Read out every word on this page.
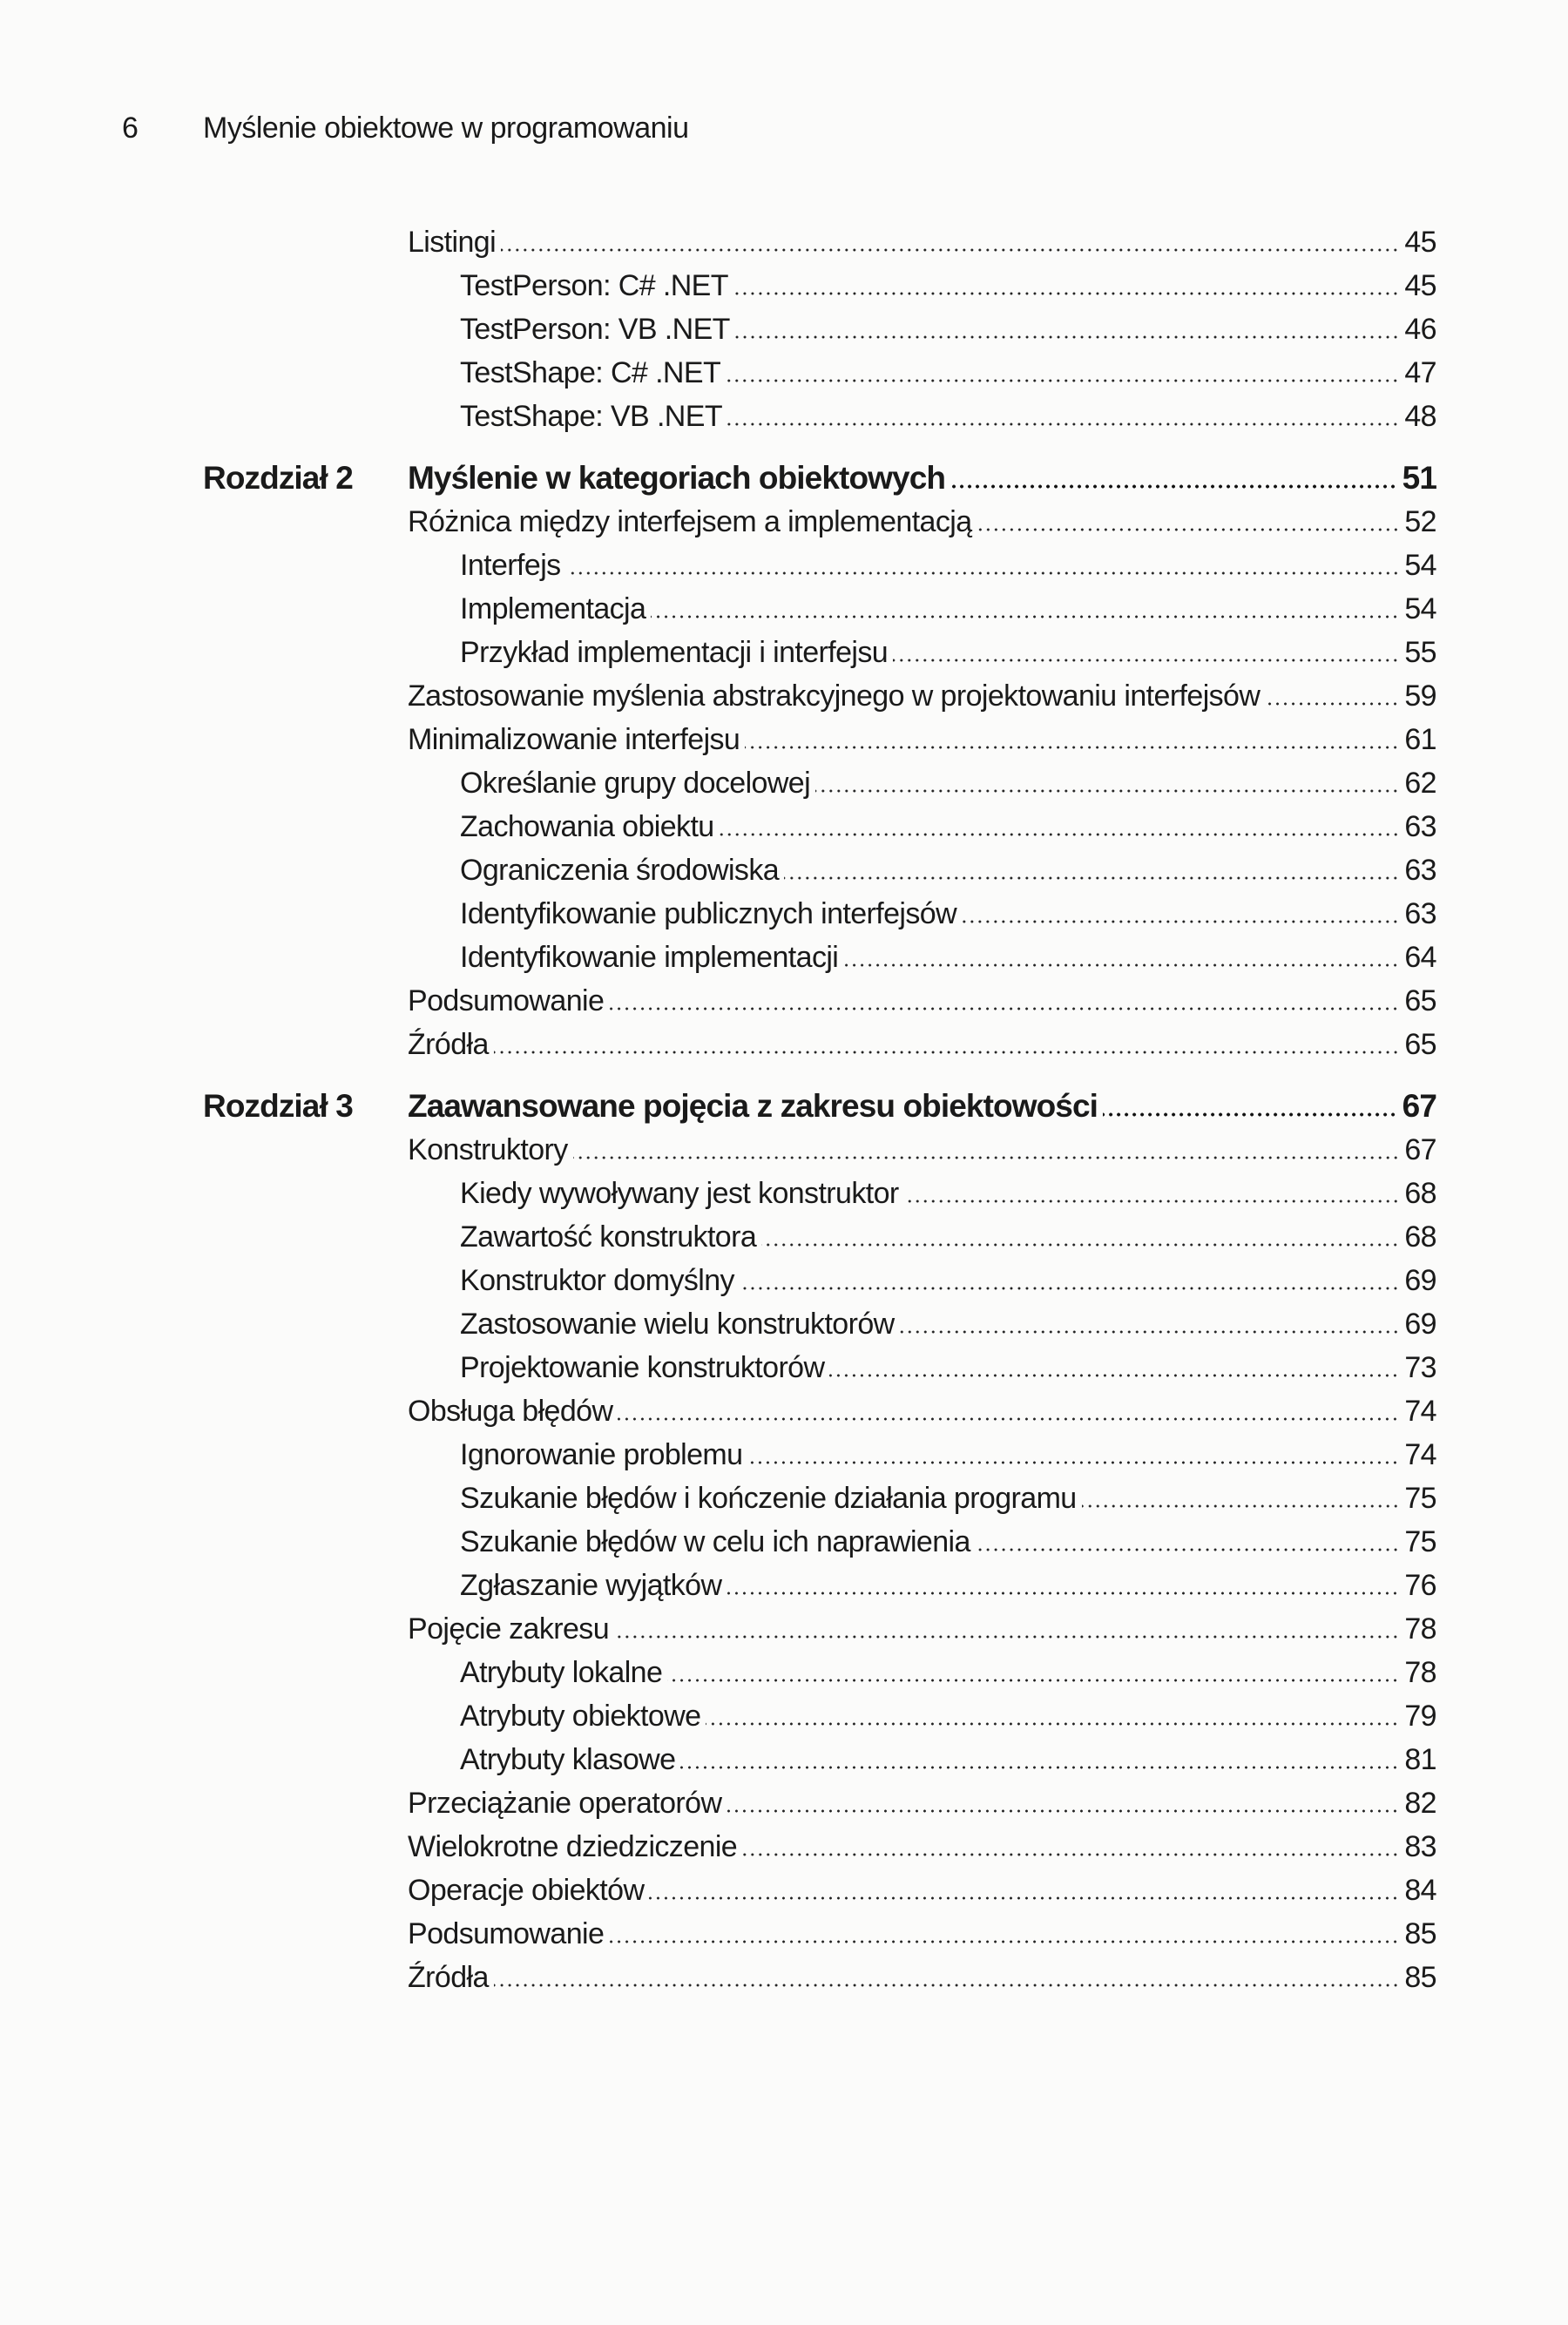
6 Myślenie obiektowe w programowaniu
Listingi	45
TestPerson: C# .NET	45
TestPerson: VB .NET	46
TestShape: C# .NET	47
TestShape: VB .NET	48
Rozdział 2	Myślenie w kategoriach obiektowych	51
Różnica między interfejsem a implementacją	52
Interfejs	54
Implementacja	54
Przykład implementacji i interfejsu	55
Zastosowanie myślenia abstrakcyjnego w projektowaniu interfejsów	59
Minimalizowanie interfejsu	61
Określanie grupy docelowej	62
Zachowania obiektu	63
Ograniczenia środowiska	63
Identyfikowanie publicznych interfejsów	63
Identyfikowanie implementacji	64
Podsumowanie	65
Źródła	65
Rozdział 3	Zaawansowane pojęcia z zakresu obiektowości	67
Konstruktory	67
Kiedy wywoływany jest konstruktor	68
Zawartość konstruktora	68
Konstruktor domyślny	69
Zastosowanie wielu konstruktorów	69
Projektowanie konstruktorów	73
Obsługa błędów	74
Ignorowanie problemu	74
Szukanie błędów i kończenie działania programu	75
Szukanie błędów w celu ich naprawienia	75
Zgłaszanie wyjątków	76
Pojęcie zakresu	78
Atrybuty lokalne	78
Atrybuty obiektowe	79
Atrybuty klasowe	81
Przeciążanie operatorów	82
Wielokrotne dziedziczenie	83
Operacje obiektów	84
Podsumowanie	85
Źródła	85
